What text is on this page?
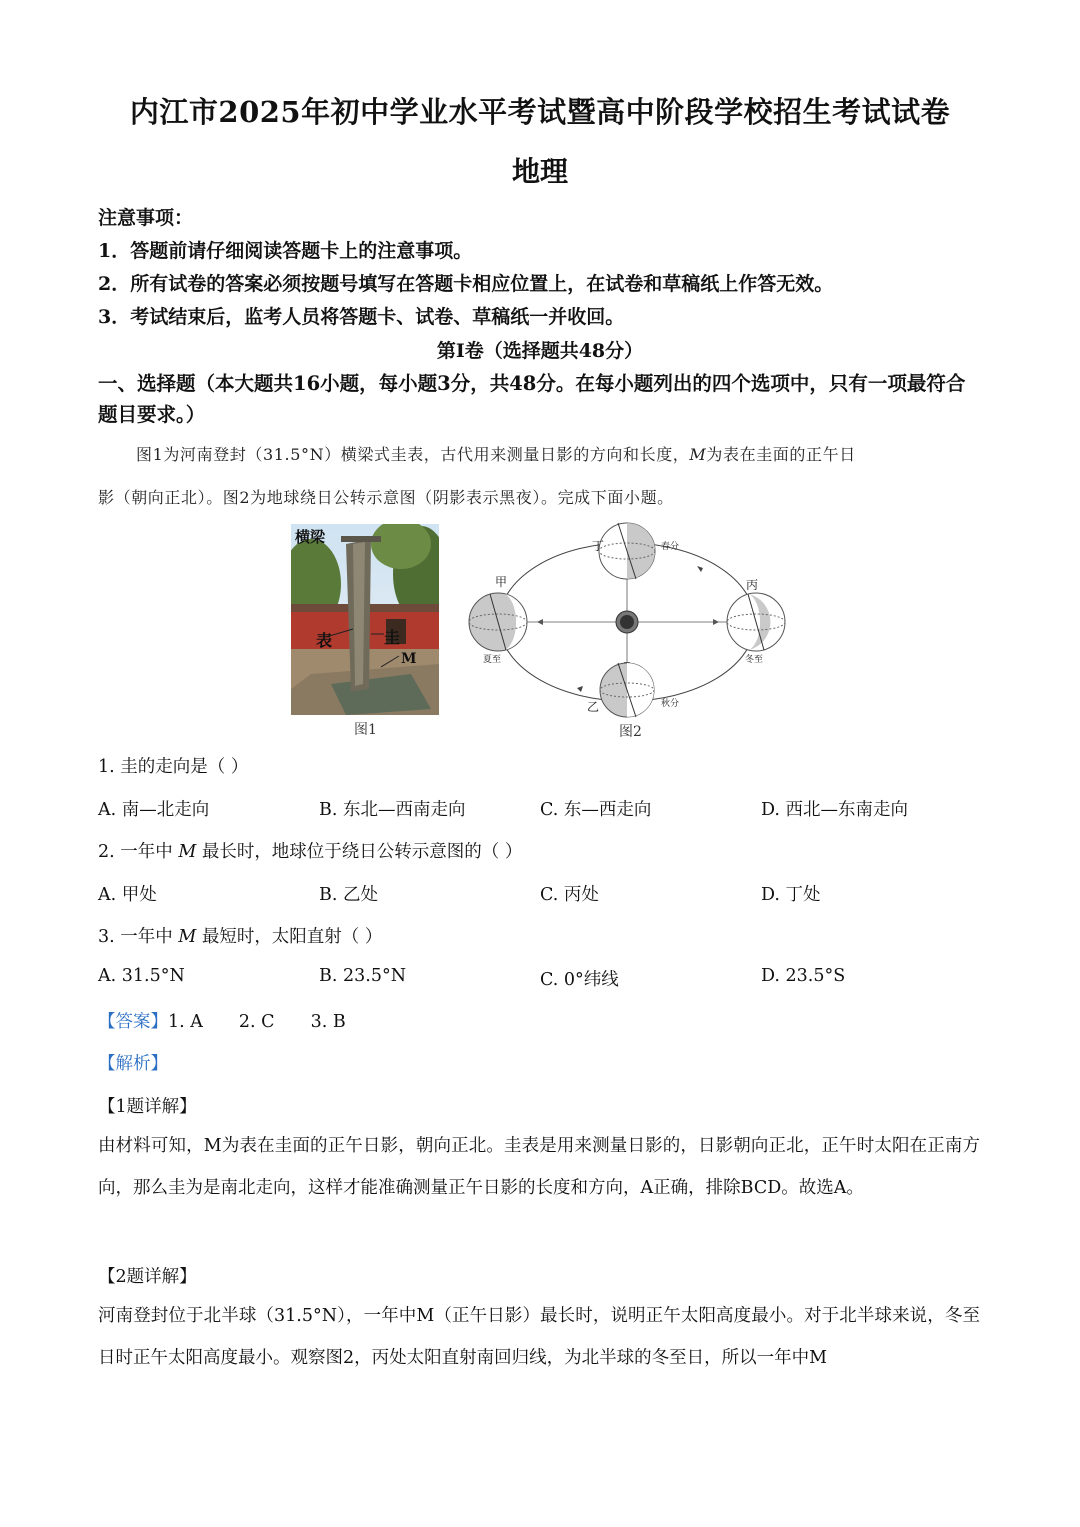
内江市2025年初中学业水平考试暨高中阶段学校招生考试试卷
地理
注意事项：
1．答题前请仔细阅读答题卡上的注意事项。
2．所有试卷的答案必须按题号填写在答题卡相应位置上，在试卷和草稿纸上作答无效。
3．考试结束后，监考人员将答题卡、试卷、草稿纸一并收回。
第Ⅰ卷（选择题共48分）
一、选择题（本大题共16小题，每小题3分，共48分。在每小题列出的四个选项中，只有一项最符合题目要求。）
图1为河南登封（31.5°N）横梁式圭表，古代用来测量日影的方向和长度，M为表在圭面的正午日
影（朝向正北）。图2为地球绕日公转示意图（阴影表示黑夜）。完成下面小题。
横梁
表	圭
M
图1
甲
夏至
丁	春分
丙
冬至
乙	秋分
图2
1. 圭的走向是（ ）
A. 南—北走向	B. 东北—西南走向	C. 东—西走向	D. 西北—东南走向
2. 一年中 M 最长时，地球位于绕日公转示意图的（ ）
A. 甲处	B. 乙处	C. 丙处	D. 丁处
3. 一年中 M 最短时，太阳直射（ ）
A. 31.5°N	B. 23.5°N	C. 0°纬线	D. 23.5°S
【答案】1. A 2. C 3. B
【解析】
【1题详解】
由材料可知，M为表在圭面的正午日影，朝向正北。圭表是用来测量日影的，日影朝向正北，正午时太阳在正南方向，那么圭为是南北走向，这样才能准确测量正午日影的长度和方向，A正确，排除BCD。故选A。
【2题详解】
河南登封位于北半球（31.5°N），一年中M（正午日影）最长时，说明正午太阳高度最小。对于北半球来说，冬至日时正午太阳高度最小。观察图2，丙处太阳直射南回归线，为北半球的冬至日，所以一年中M
